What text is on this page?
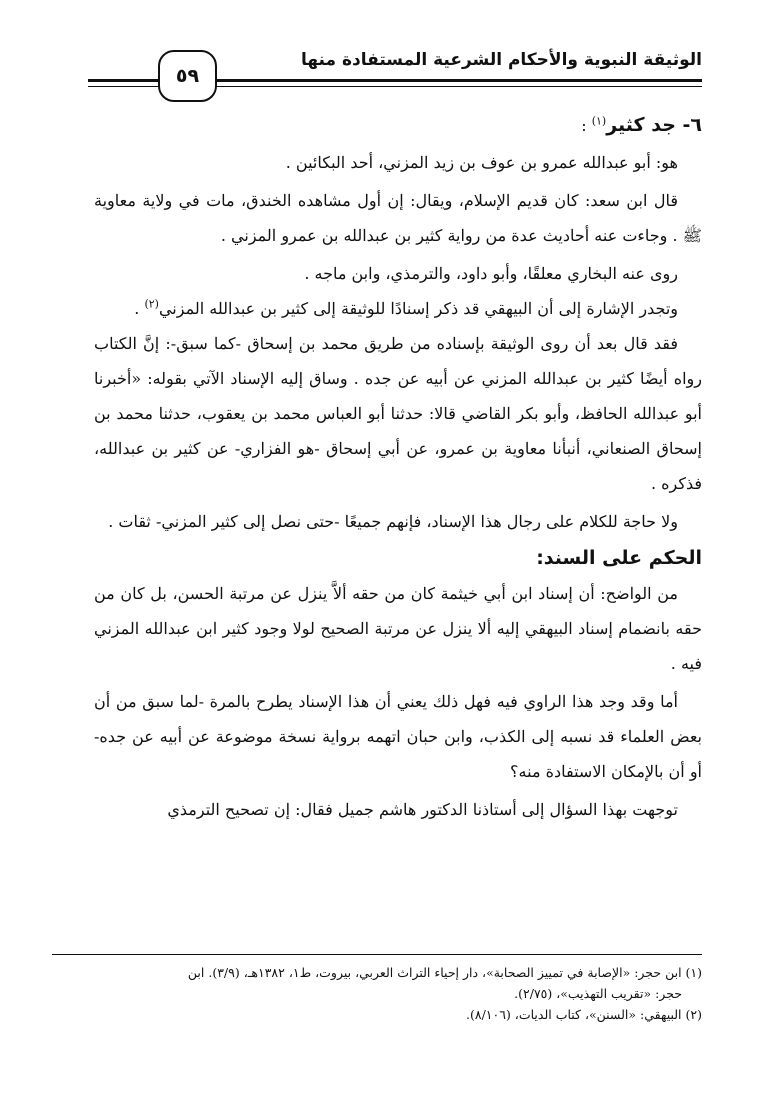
الوثيقة النبوية والأحكام الشرعية المستفادة منها
٥٩

٦- جد كثير$^{(١)}$ :

هو: أبو عبدالله عمرو بن عوف بن زيد المزني، أحد البكائين .

قال ابن سعد: كان قديم الإسلام، ويقال: إن أول مشاهده الخندق، مات في ولاية معاوية ﷺ . وجاءت عنه أحاديث عدة من رواية كثير بن عبدالله بن عمرو المزني .

روى عنه البخاري معلقًا، وأبو داود، والترمذي، وابن ماجه .

وتجدر الإشارة إلى أن البيهقي قد ذكر إسنادًا للوثيقة إلى كثير بن عبدالله المزني$^{(٢)}$ .

فقد قال بعد أن روى الوثيقة بإسناده من طريق محمد بن إسحاق -كما سبق-: إنَّ الكتاب رواه أيضًا كثير بن عبدالله المزني عن أبيه عن جده . وساق إليه الإسناد الآتي بقوله: «أخبرنا أبو عبدالله الحافظ، وأبو بكر القاضي قالا: حدثنا أبو العباس محمد بن يعقوب، حدثنا محمد بن إسحاق الصنعاني، أنبأنا معاوية بن عمرو، عن أبي إسحاق -هو الفزاري- عن كثير بن عبدالله، فذكره .

ولا حاجة للكلام على رجال هذا الإسناد، فإنهم جميعًا -حتى نصل إلى كثير المزني- ثقات .

الحكم على السند:

من الواضح: أن إسناد ابن أبي خيثمة كان من حقه ألاَّ ينزل عن مرتبة الحسن، بل كان من حقه بانضمام إسناد البيهقي إليه ألا ينزل عن مرتبة الصحيح لولا وجود كثير ابن عبدالله المزني فيه .

أما وقد وجد هذا الراوي فيه فهل ذلك يعني أن هذا الإسناد يطرح بالمرة -لما سبق من أن بعض العلماء قد نسبه إلى الكذب، وابن حبان اتهمه برواية نسخة موضوعة عن أبيه عن جده- أو أن بالإمكان الاستفادة منه؟

توجهت بهذا السؤال إلى أستاذنا الدكتور هاشم جميل فقال: إن تصحيح الترمذي

(١) ابن حجر: «الإصابة في تمييز الصحابة»، دار إحياء التراث العربي، بيروت، ط١، ١٣٨٢هـ، (٣/٩). ابن

حجر: «تقريب التهذيب»، (٢/٧٥).

(٢) البيهقي: «السنن»، كتاب الديات، (٨/١٠٦).
